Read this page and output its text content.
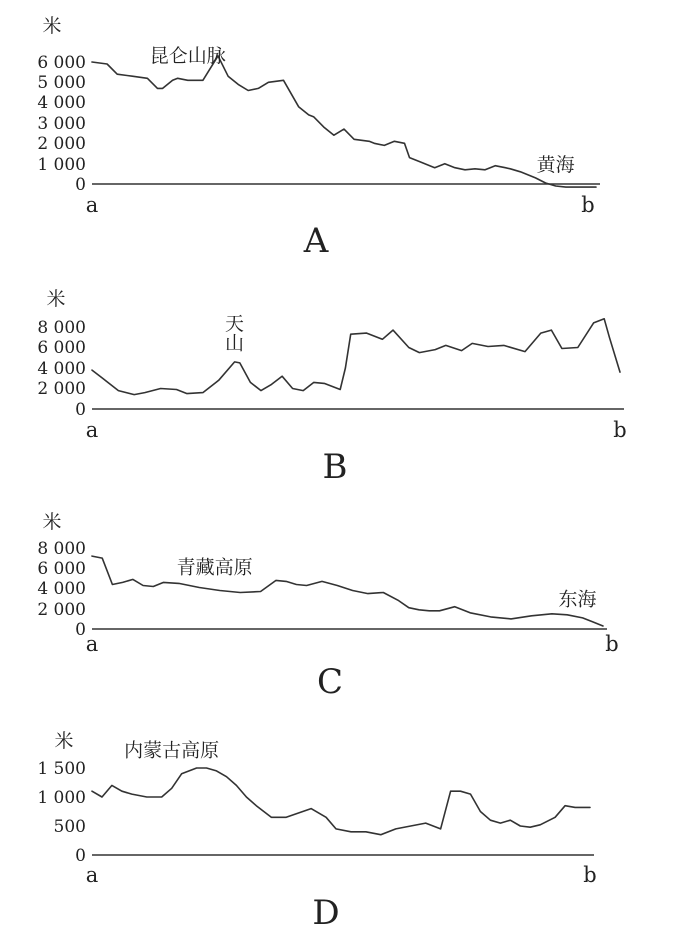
6 000
5 000
4 000
3 000
2 000
1 000
0
米
a	b
昆仑山脉
黄海
A
8 000
6 000
4 000
2 000
0
米
a	b
天
山
B
8 000
6 000
4 000
2 000
0
米
a	b
青藏高原
东海
C
1 500
1 000
500
0
米
a	b
内蒙古高原
D
